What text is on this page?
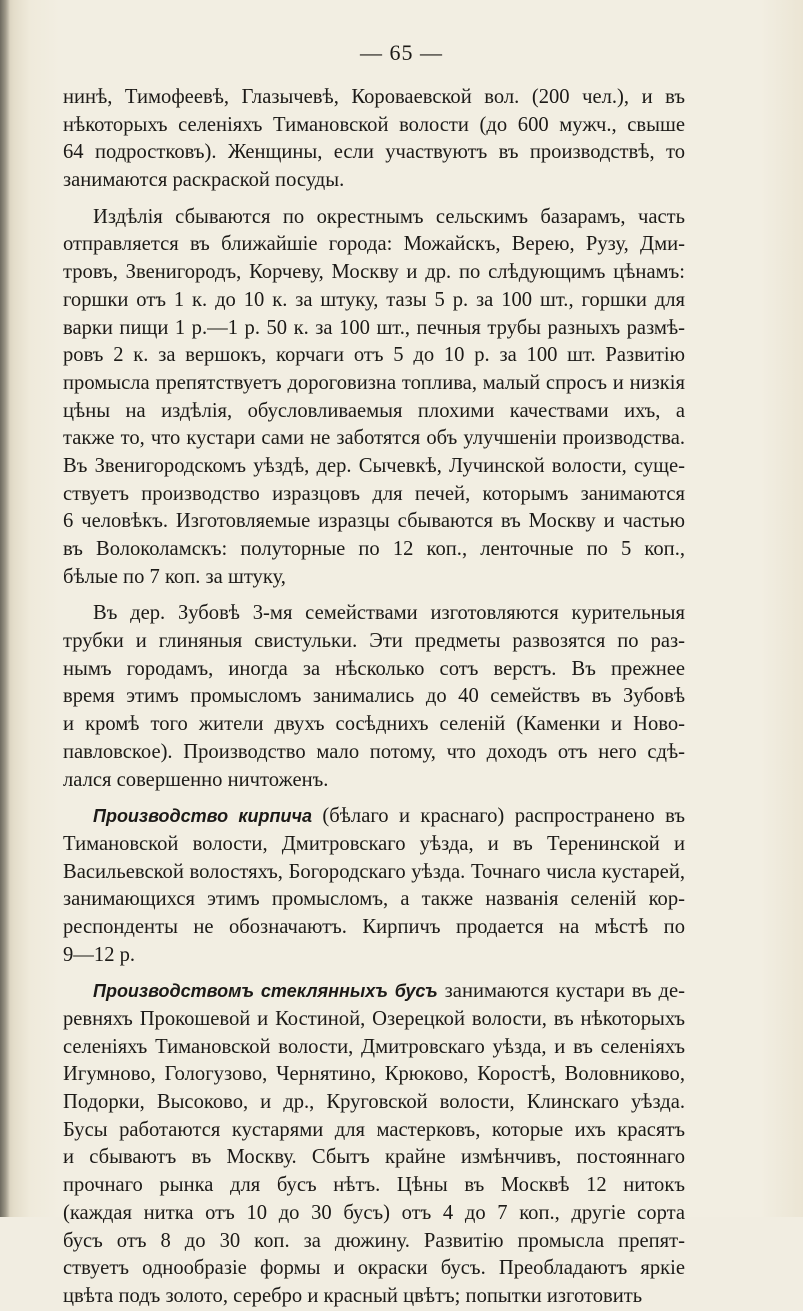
— 65 —
нинѣ, Тимофеевѣ, Глазычевѣ, Короваевской вол. (200 чел.), и въ
нѣкоторыхъ селеніяхъ Тимановской волости (до 600 мужч., свыше
64 подростковъ). Женщины, если участвуютъ въ производствѣ, то
занимаются раскраской посуды.
Издѣлія сбываются по окрестнымъ сельскимъ базарамъ, часть
отправляется въ ближайшіе города: Можайскъ, Верею, Рузу, Дми-
тровъ, Звенигородъ, Корчеву, Москву и др. по слѣдующимъ цѣнамъ:
горшки отъ 1 к. до 10 к. за штуку, тазы 5 р. за 100 шт., горшки для
варки пищи 1 р.—1 р. 50 к. за 100 шт., печныя трубы разныхъ размѣ-
ровъ 2 к. за вершокъ, корчаги отъ 5 до 10 р. за 100 шт. Развитію
промысла препятствуетъ дороговизна топлива, малый спросъ и низкія
цѣны на издѣлія, обусловливаемыя плохими качествами ихъ, а
также то, что кустари сами не заботятся объ улучшеніи производства.
Въ Звенигородскомъ уѣздѣ, дер. Сычевкѣ, Лучинской волости, суще-
ствуетъ производство изразцовъ для печей, которымъ занимаются
6 человѣкъ. Изготовляемые изразцы сбываются въ Москву и частью
въ Волоколамскъ: полуторные по 12 коп., ленточные по 5 коп.,
бѣлые по 7 коп. за штуку,
Въ дер. Зубовѣ 3-мя семействами изготовляются курительныя
трубки и глиняныя свистульки. Эти предметы развозятся по раз-
нымъ городамъ, иногда за нѣсколько сотъ верстъ. Въ прежнее
время этимъ промысломъ занимались до 40 семействъ въ Зубовѣ
и кромѣ того жители двухъ сосѣднихъ селеній (Каменки и Ново-
павловское). Производство мало потому, что доходъ отъ него сдѣ-
лался совершенно ничтоженъ.
Производство кирпича (бѣлаго и краснаго) распространено въ
Тимановской волости, Дмитровскаго уѣзда, и въ Теренинской и
Васильевской волостяхъ, Богородскаго уѣзда. Точнаго числа кустарей,
занимающихся этимъ промысломъ, а также названія селеній кор-
респонденты не обозначаютъ. Кирпичъ продается на мѣстѣ по
9—12 р.
Производствомъ стеклянныхъ бусъ занимаются кустари въ де-
ревняхъ Прокошевой и Костиной, Озерецкой волости, въ нѣкоторыхъ
селеніяхъ Тимановской волости, Дмитровскаго уѣзда, и въ селеніяхъ
Игумново, Гологузово, Чернятино, Крюково, Коростѣ, Воловниково,
Подорки, Высоково, и др., Круговской волости, Клинскаго уѣзда.
Бусы работаются кустарями для мастерковъ, которые ихъ красятъ
и сбываютъ въ Москву. Сбытъ крайне измѣнчивъ, постояннаго
прочнаго рынка для бусъ нѣтъ. Цѣны въ Москвѣ 12 нитокъ
(каждая нитка отъ 10 до 30 бусъ) отъ 4 до 7 коп., другіе сорта
бусъ отъ 8 до 30 коп. за дюжину. Развитію промысла препят-
ствуетъ однообразіе формы и окраски бусъ. Преобладаютъ яркіе
цвѣта подъ золото, серебро и красный цвѣтъ; попытки изготовить
